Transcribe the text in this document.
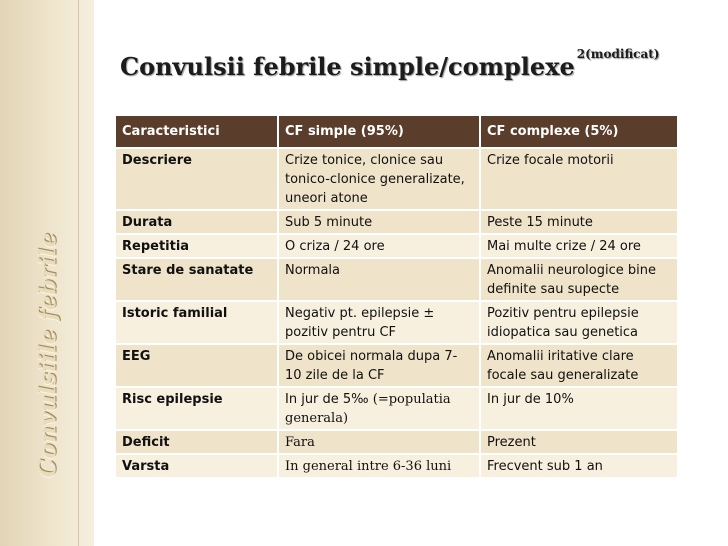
Convulsiile febrile
Convulsii febrile simple/complexe $^{2(modificat)}$
Caracteristici	CF simple (95%)	CF complexe (5%)
Descriere	Crize tonice, clonice sau tonico-clonice generalizate, uneori atone	Crize focale motorii
Durata	Sub 5 minute	Peste 15 minute
Repetitia	O criza / 24 ore	Mai multe crize / 24 ore
Stare de sanatate	Normala	Anomalii neurologice bine definite sau supecte
Istoric familial	Negativ pt. epilepsie ± pozitiv pentru CF	Pozitiv pentru epilepsie idiopatica sau genetica
EEG	De obicei normala dupa 7-10 zile de la CF	Anomalii iritative clare focale sau generalizate
Risc epilepsie	In jur de 5‰ (=populatia generala)	In jur de 10%
Deficit	Fara	Prezent
Varsta	In general intre 6-36 luni	Frecvent sub 1 an
